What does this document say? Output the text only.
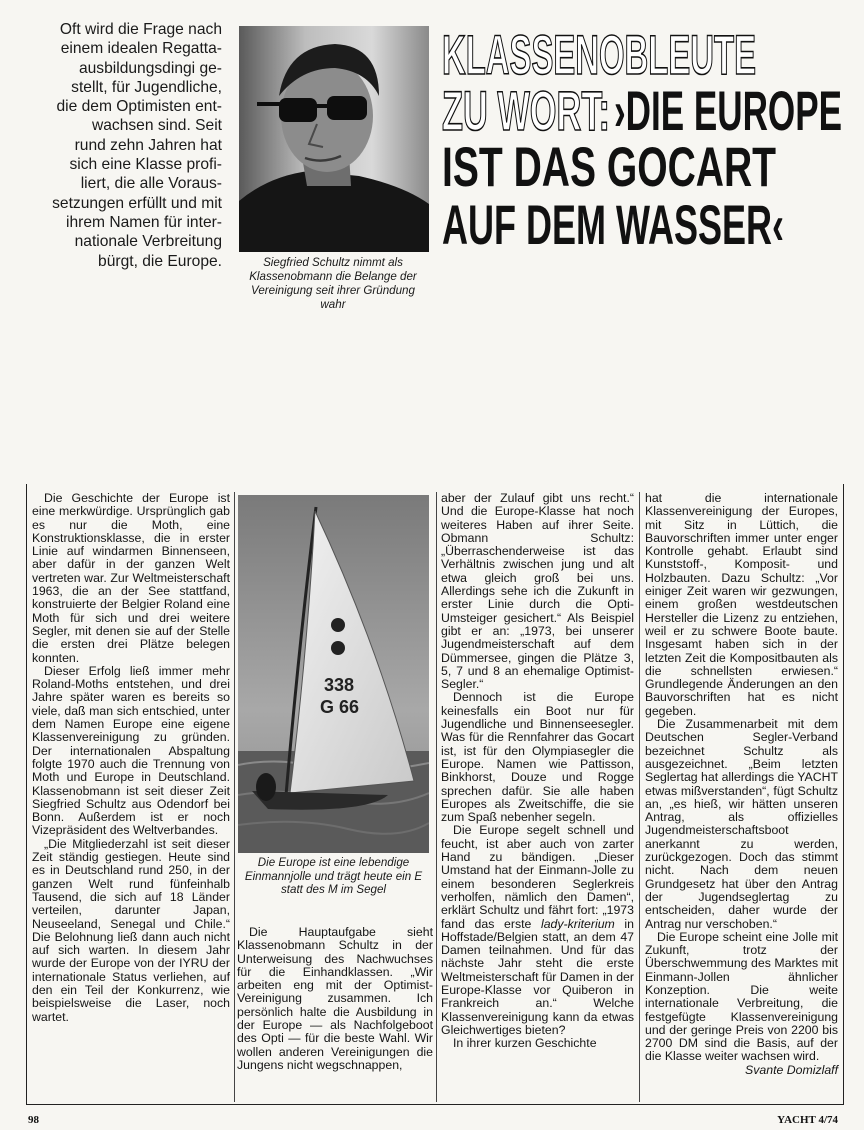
Oft wird die Frage nach
einem idealen Regatta-
ausbildungsdingi ge-
stellt, für Jugendliche,
die dem Optimisten ent-
wachsen sind. Seit
rund zehn Jahren hat
sich eine Klasse profi-
liert, die alle Voraus-
setzungen erfüllt und mit
ihrem Namen für inter-
nationale Verbreitung
bürgt, die Europe.	Siegfried Schultz nimmt als Klassenobmann die Belange der Vereinigung seit ihrer Gründung wahr
KLASSENOBLEUTE
ZU WORT: ›DIE EUROPE
IST DAS GOCART
AUF DEM WASSER‹

Die Geschichte der Europe ist eine merkwürdige. Ursprünglich gab es nur die Moth, eine Konstruktionsklasse, die in erster Linie auf windarmen Binnenseen, aber dafür in der ganzen Welt vertreten war. Zur Weltmeisterschaft 1963, die an der See stattfand, konstruierte der Belgier Roland eine Moth für sich und drei weitere Segler, mit denen sie auf der Stelle die ersten drei Plätze belegen konnten.

Dieser Erfolg ließ immer mehr Roland-Moths entstehen, und drei Jahre später waren es bereits so viele, daß man sich entschied, unter dem Namen Europe eine eigene Klassenvereinigung zu gründen. Der internationalen Abspaltung folgte 1970 auch die Trennung von Moth und Europe in Deutschland. Klassenobmann ist seit dieser Zeit Siegfried Schultz aus Odendorf bei Bonn. Außerdem ist er noch Vizepräsident des Weltverbandes.

„Die Mitgliederzahl ist seit dieser Zeit ständig gestiegen. Heute sind es in Deutschland rund 250, in der ganzen Welt rund fünfeinhalb Tausend, die sich auf 18 Länder verteilen, darunter Japan, Neuseeland, Senegal und Chile.“ Die Belohnung ließ dann auch nicht auf sich warten. In diesem Jahr wurde der Europe von der IYRU der internationale Status verliehen, auf den ein Teil der Konkurrenz, wie beispielsweise die Laser, noch wartet.

338
G 66
Die Europe ist eine lebendige Einmannjolle und trägt heute ein E statt des M im Segel

Die Hauptaufgabe sieht Klassenobmann Schultz in der Unterweisung des Nachwuchses für die Einhandklassen. „Wir arbeiten eng mit der Optimist-Vereinigung zusammen. Ich persönlich halte die Ausbildung in der Europe — als Nachfolgeboot des Opti — für die beste Wahl. Wir wollen anderen Vereinigungen die Jungens nicht wegschnappen,

aber der Zulauf gibt uns recht.“ Und die Europe-Klasse hat noch weiteres Haben auf ihrer Seite. Obmann Schultz: „Überraschenderweise ist das Verhältnis zwischen jung und alt etwa gleich groß bei uns. Allerdings sehe ich die Zukunft in erster Linie durch die Opti-Umsteiger gesichert.“ Als Beispiel gibt er an: „1973, bei unserer Jugendmeisterschaft auf dem Dümmersee, gingen die Plätze 3, 5, 7 und 8 an ehemalige Optimist-Segler.“

Dennoch ist die Europe keinesfalls ein Boot nur für Jugendliche und Binnenseesegler. Was für die Rennfahrer das Gocart ist, ist für den Olympiasegler die Europe. Namen wie Pattisson, Binkhorst, Douze und Rogge sprechen dafür. Sie alle haben Europes als Zweitschiffe, die sie zum Spaß nebenher segeln.

Die Europe segelt schnell und feucht, ist aber auch von zarter Hand zu bändigen. „Dieser Umstand hat der Einmann-Jolle zu einem besonderen Seglerkreis verholfen, nämlich den Damen“, erklärt Schultz und fährt fort: „1973 fand das erste lady-kriterium in Hoffstade/Belgien statt, an dem 47 Damen teilnahmen. Und für das nächste Jahr steht die erste Weltmeisterschaft für Damen in der Europe-Klasse vor Quiberon in Frankreich an.“ Welche Klassenvereinigung kann da etwas Gleichwertiges bieten?

In ihrer kurzen Geschichte

hat die internationale Klassenvereinigung der Europes, mit Sitz in Lüttich, die Bauvorschriften immer unter enger Kontrolle gehabt. Erlaubt sind Kunststoff-, Komposit- und Holzbauten. Dazu Schultz: „Vor einiger Zeit waren wir gezwungen, einem großen westdeutschen Hersteller die Lizenz zu entziehen, weil er zu schwere Boote baute. Insgesamt haben sich in der letzten Zeit die Kompositbauten als die schnellsten erwiesen.“ Grundlegende Änderungen an den Bauvorschriften hat es nicht gegeben.

Die Zusammenarbeit mit dem Deutschen Segler-Verband bezeichnet Schultz als ausgezeichnet. „Beim letzten Seglertag hat allerdings die YACHT etwas mißverstanden“, fügt Schultz an, „es hieß, wir hätten unseren Antrag, als offizielles Jugendmeisterschaftsboot anerkannt zu werden, zurückgezogen. Doch das stimmt nicht. Nach dem neuen Grundgesetz hat über den Antrag der Jugendseglertag zu entscheiden, daher wurde der Antrag nur verschoben.“

Die Europe scheint eine Jolle mit Zukunft, trotz der Überschwemmung des Marktes mit Einmann-Jollen ähnlicher Konzeption. Die weite internationale Verbreitung, die festgefügte Klassenvereinigung und der geringe Preis von 2200 bis 2700 DM sind die Basis, auf der die Klasse weiter wachsen wird.

Svante Domizlaff
98	YACHT 4/74
